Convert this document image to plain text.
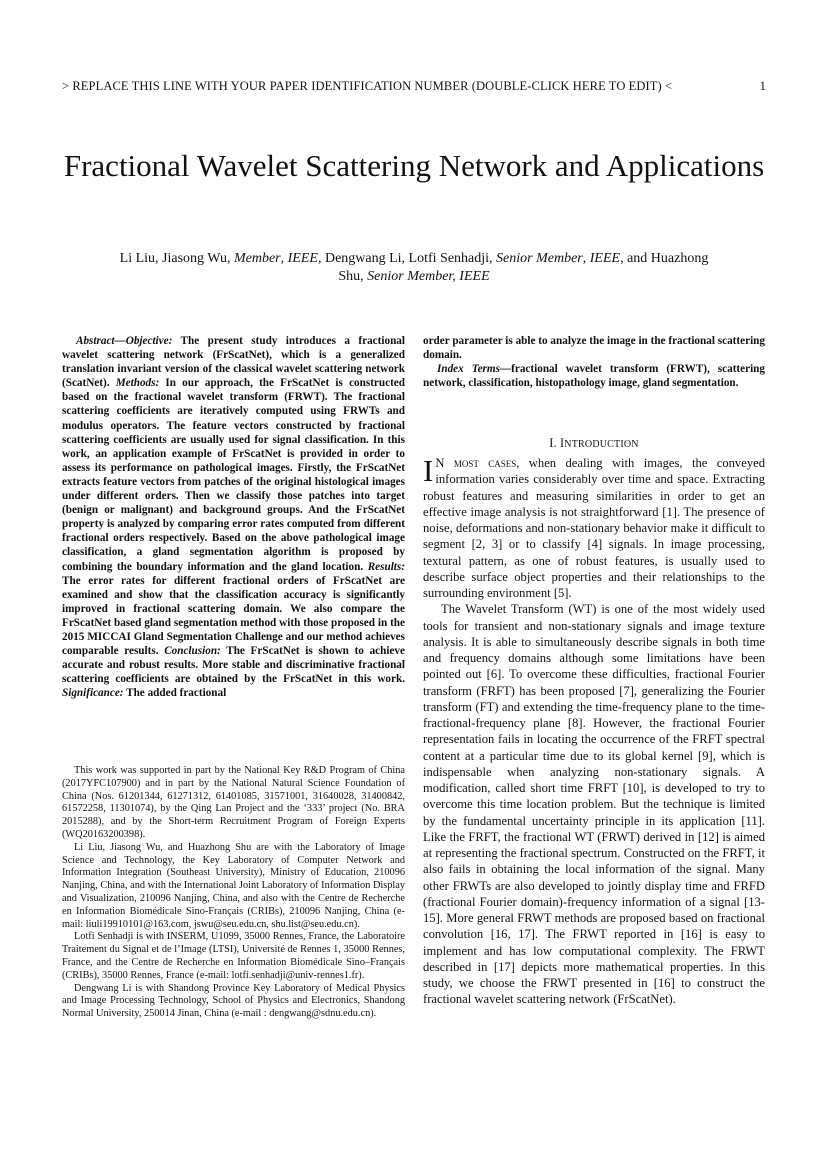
> REPLACE THIS LINE WITH YOUR PAPER IDENTIFICATION NUMBER (DOUBLE-CLICK HERE TO EDIT) <	1
Fractional Wavelet Scattering Network and Applications
Li Liu, Jiasong Wu, Member, IEEE, Dengwang Li, Lotfi Senhadji, Senior Member, IEEE, and Huazhong Shu, Senior Member, IEEE
Abstract—Objective: The present study introduces a fractional wavelet scattering network (FrScatNet), which is a generalized translation invariant version of the classical wavelet scattering network (ScatNet). Methods: In our approach, the FrScatNet is constructed based on the fractional wavelet transform (FRWT). The fractional scattering coefficients are iteratively computed using FRWTs and modulus operators. The feature vectors constructed by fractional scattering coefficients are usually used for signal classification. In this work, an application example of FrScatNet is provided in order to assess its performance on pathological images. Firstly, the FrScatNet extracts feature vectors from patches of the original histological images under different orders. Then we classify those patches into target (benign or malignant) and background groups. And the FrScatNet property is analyzed by comparing error rates computed from different fractional orders respectively. Based on the above pathological image classification, a gland segmentation algorithm is proposed by combining the boundary information and the gland location. Results: The error rates for different fractional orders of FrScatNet are examined and show that the classification accuracy is significantly improved in fractional scattering domain. We also compare the FrScatNet based gland segmentation method with those proposed in the 2015 MICCAI Gland Segmentation Challenge and our method achieves comparable results. Conclusion: The FrScatNet is shown to achieve accurate and robust results. More stable and discriminative fractional scattering coefficients are obtained by the FrScatNet in this work. Significance: The added fractional

This work was supported in part by the National Key R&D Program of China (2017YFC107900) and in part by the National Natural Science Foundation of China (Nos. 61201344, 61271312, 61401085, 31571001, 31640028, 31400842, 61572258, 11301074), by the Qing Lan Project and the ‘333’ project (No. BRA 2015288), and by the Short-term Recruitment Program of Foreign Experts (WQ20163200398).

Li Liu, Jiasong Wu, and Huazhong Shu are with the Laboratory of Image Science and Technology, the Key Laboratory of Computer Network and Information Integration (Southeast University), Ministry of Education, 210096 Nanjing, China, and with the International Joint Laboratory of Information Display and Visualization, 210096 Nanjing, China, and also with the Centre de Recherche en Information Biomédicale Sino-Français (CRIBs), 210096 Nanjing, China (e-mail: liuli19910101@163.com, jswu@seu.edu.cn, shu.list@seu.edu.cn).

Lotfi Senhadji is with INSERM, U1099, 35000 Rennes, France, the Laboratoire Traitement du Signal et de l’Image (LTSI), Université de Rennes 1, 35000 Rennes, France, and the Centre de Recherche en Information Biomédicale Sino–Français (CRIBs), 35000 Rennes, France (e-mail: lotfi.senhadji@univ-rennes1.fr).

Dengwang Li is with Shandong Province Key Laboratory of Medical Physics and Image Processing Technology, School of Physics and Electronics, Shandong Normal University, 250014 Jinan, China (e-mail : dengwang@sdnu.edu.cn).

order parameter is able to analyze the image in the fractional scattering domain.

Index Terms—fractional wavelet transform (FRWT), scattering network, classification, histopathology image, gland segmentation.

I. INTRODUCTION

I N most cases, when dealing with images, the conveyed information varies considerably over time and space. Extracting robust features and measuring similarities in order to get an effective image analysis is not straightforward [1]. The presence of noise, deformations and non-stationary behavior make it difficult to segment [2, 3] or to classify [4] signals. In image processing, textural pattern, as one of robust features, is usually used to describe surface object properties and their relationships to the surrounding environment [5].

The Wavelet Transform (WT) is one of the most widely used tools for transient and non-stationary signals and image texture analysis. It is able to simultaneously describe signals in both time and frequency domains although some limitations have been pointed out [6]. To overcome these difficulties, fractional Fourier transform (FRFT) has been proposed [7], generalizing the Fourier transform (FT) and extending the time-frequency plane to the time-fractional-frequency plane [8]. However, the fractional Fourier representation fails in locating the occurrence of the FRFT spectral content at a particular time due to its global kernel [9], which is indispensable when analyzing non-stationary signals. A modification, called short time FRFT [10], is developed to try to overcome this time location problem. But the technique is limited by the fundamental uncertainty principle in its application [11]. Like the FRFT, the fractional WT (FRWT) derived in [12] is aimed at representing the fractional spectrum. Constructed on the FRFT, it also fails in obtaining the local information of the signal. Many other FRWTs are also developed to jointly display time and FRFD (fractional Fourier domain)-frequency information of a signal [13-15]. More general FRWT methods are proposed based on fractional convolution [16, 17]. The FRWT reported in [16] is easy to implement and has low computational complexity. The FRWT described in [17] depicts more mathematical properties. In this study, we choose the FRWT presented in [16] to construct the fractional wavelet scattering network (FrScatNet).
